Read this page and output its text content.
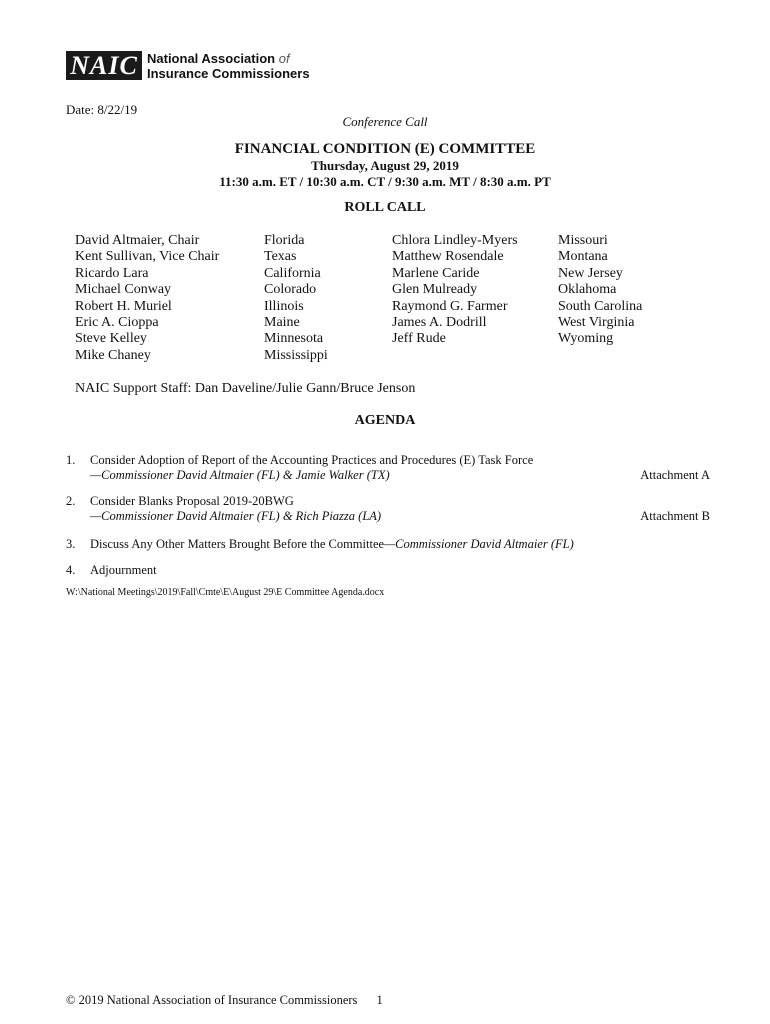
NAIC National Association of
Insurance Commissioners
Date: 8/22/19
Conference Call
FINANCIAL CONDITION (E) COMMITTEE
Thursday, August 29, 2019
11:30 a.m. ET / 10:30 a.m. CT / 9:30 a.m. MT / 8:30 a.m. PT
ROLL CALL
David Altmaier, Chair
Kent Sullivan, Vice Chair
Ricardo Lara
Michael Conway
Robert H. Muriel
Eric A. Cioppa
Steve Kelley
Mike Chaney
Florida
Texas
California
Colorado
Illinois
Maine
Minnesota
Mississippi
Chlora Lindley-Myers
Matthew Rosendale
Marlene Caride
Glen Mulready
Raymond G. Farmer
James A. Dodrill
Jeff Rude
Missouri
Montana
New Jersey
Oklahoma
South Carolina
West Virginia
Wyoming
NAIC Support Staff: Dan Daveline/Julie Gann/Bruce Jenson
AGENDA
1. Consider Adoption of Report of the Accounting Practices and Procedures (E) Task Force
—Commissioner David Altmaier (FL) & Jamie Walker (TX)	Attachment A
2. Consider Blanks Proposal 2019-20BWG
—Commissioner David Altmaier (FL) & Rich Piazza (LA)	Attachment B
3. Discuss Any Other Matters Brought Before the Committee—Commissioner David Altmaier (FL)
4. Adjournment
W:\National Meetings\2019\Fall\Cmte\E\August 29\E Committee Agenda.docx
© 2019 National Association of Insurance Commissioners 1
